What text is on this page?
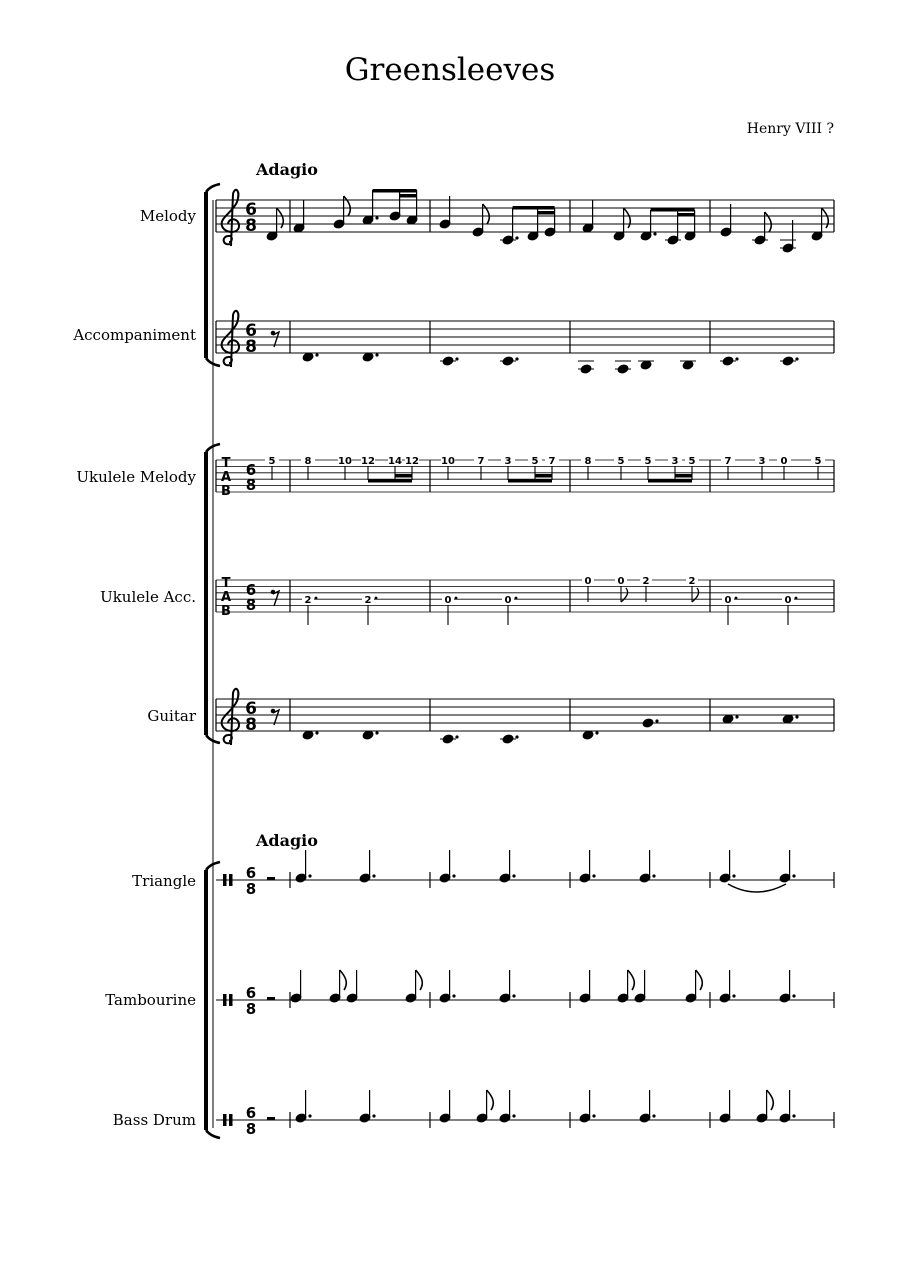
Greensleeves
Henry VIII ?
Adagio
Adagio
Melody
Accompaniment
Ukulele Melody
Ukulele Acc.
Guitar
Triangle
Tambourine
Bass Drum
6
8
6
8
T
A
B
6
8
5	8	10 12 14 12 10 7 3 5 7	8	5 5 3 5	7	3 0	5
T
A
B
6
8	2	2	0	0
0	0 2	2
0	0
6
8
6
8
6
8
6
8
